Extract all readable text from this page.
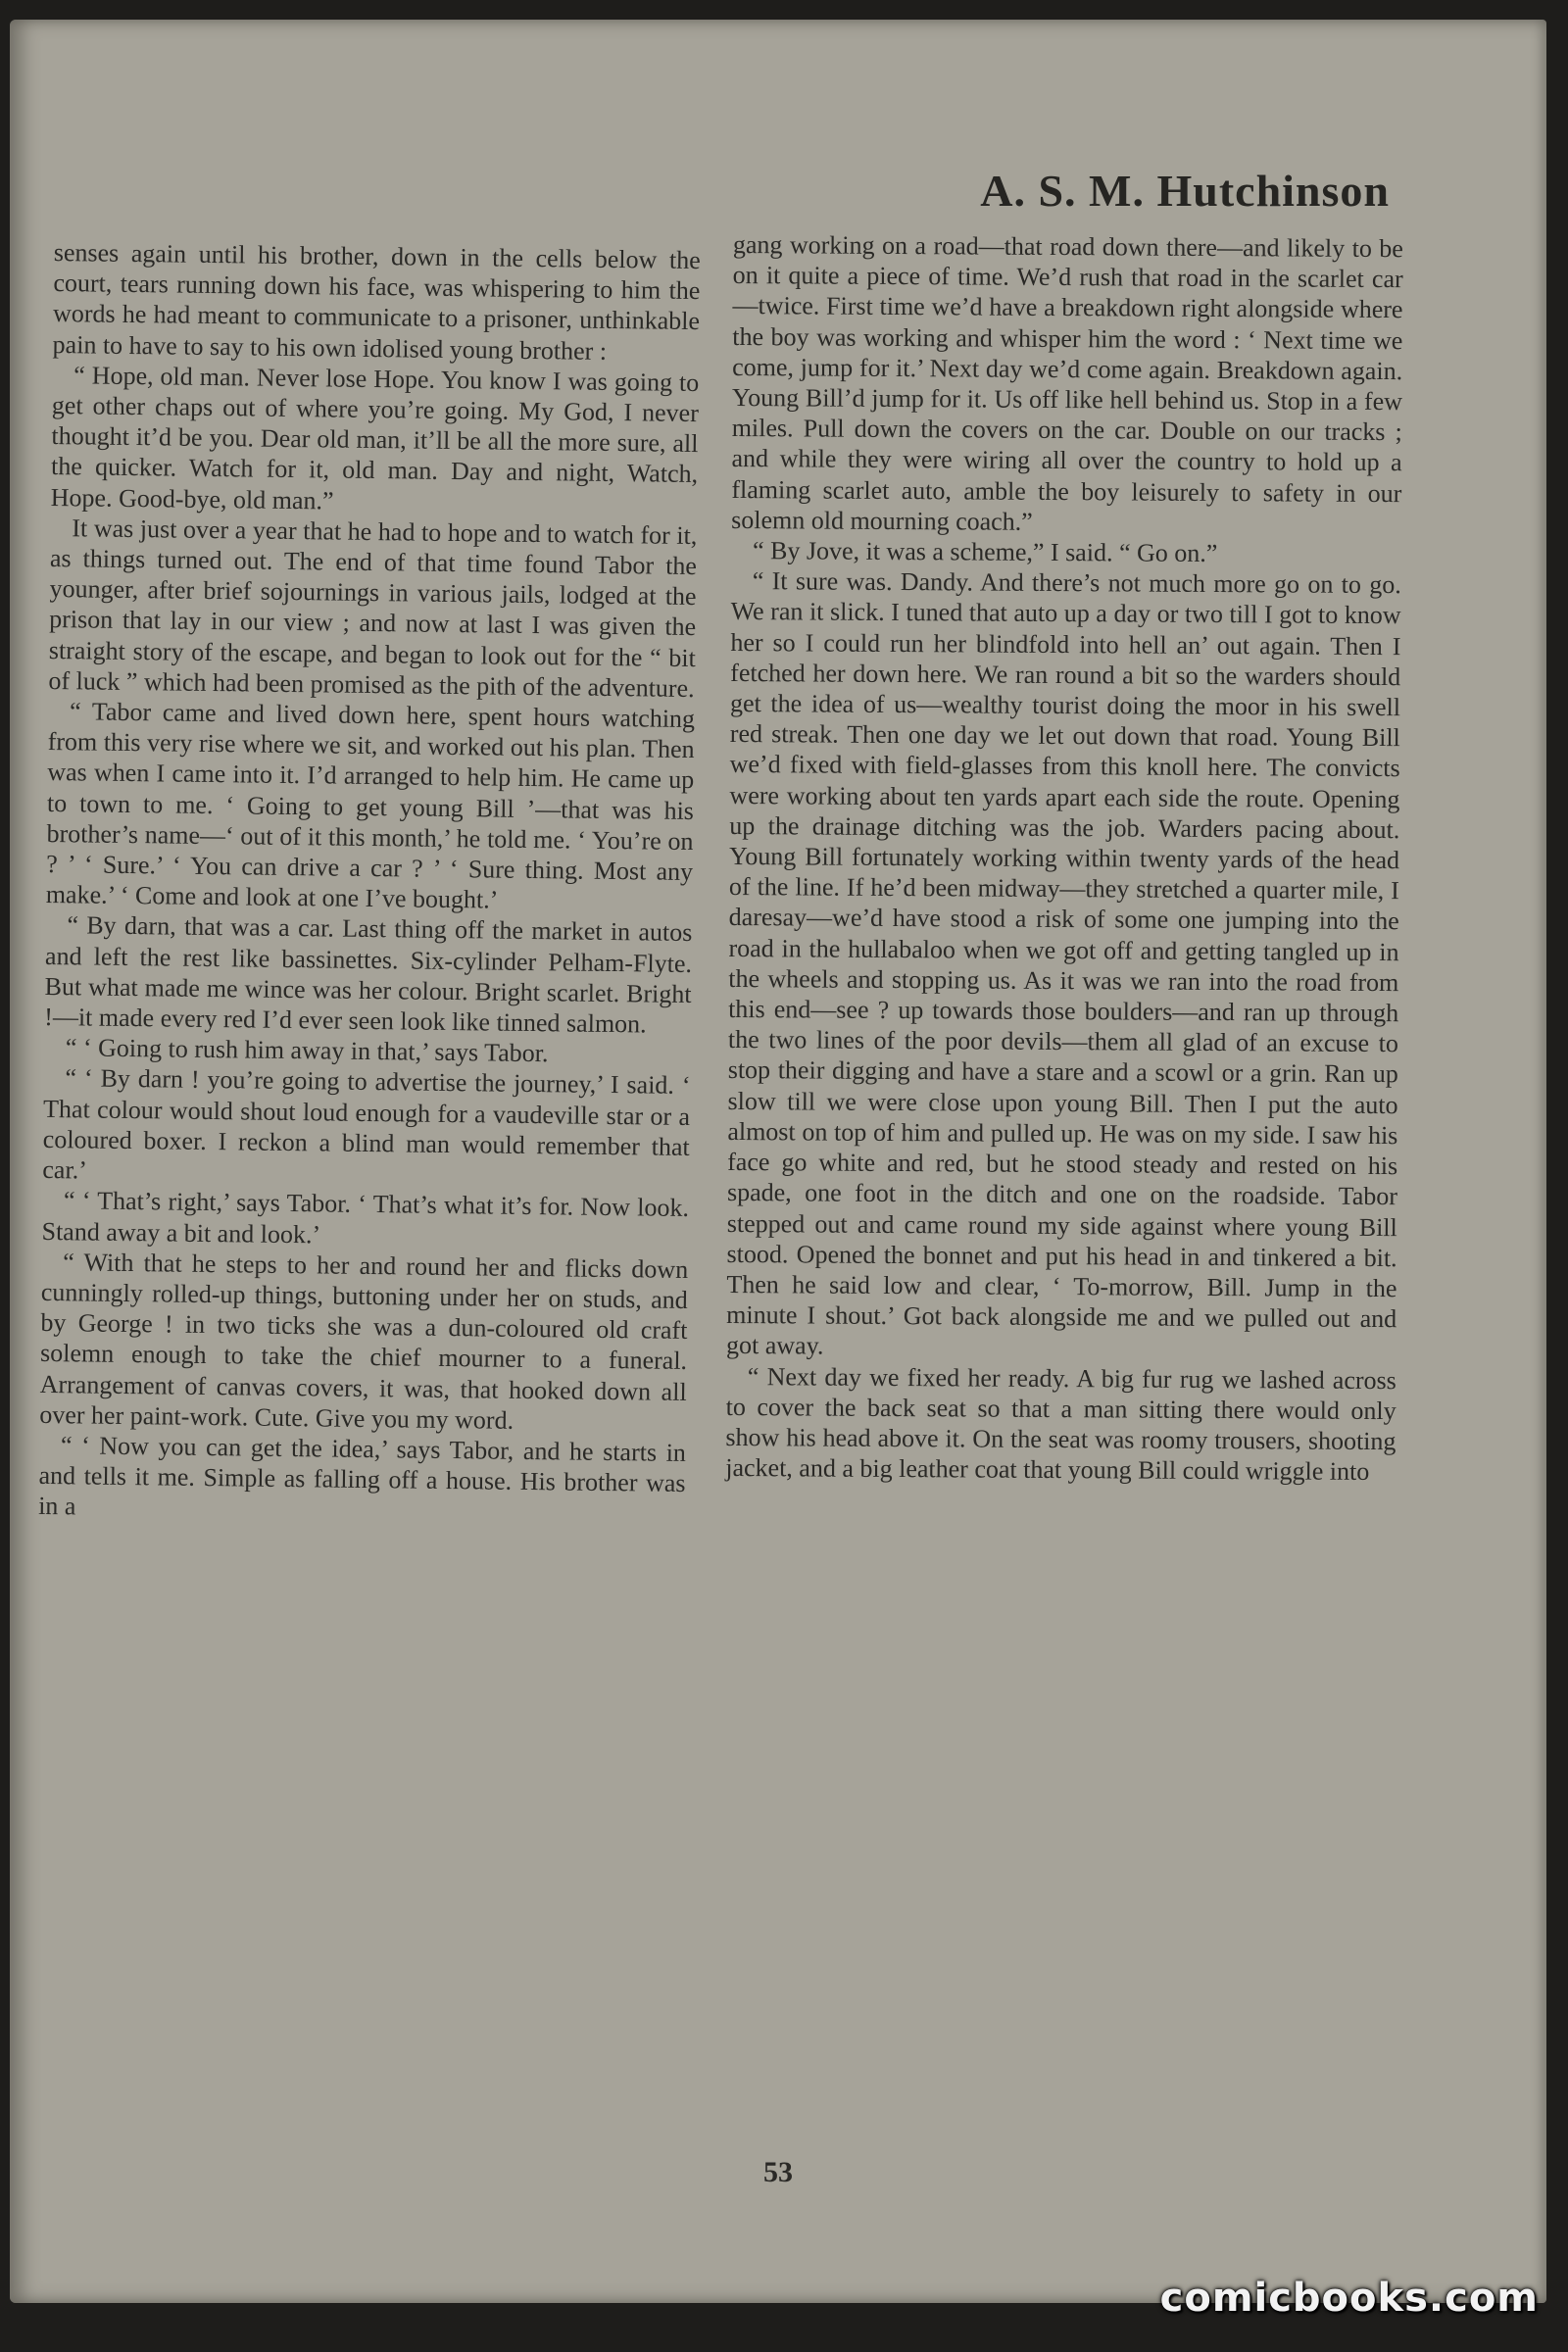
A. S. M. Hutchinson

senses again until his brother, down in the cells below the court, tears running down his face, was whispering to him the words he had meant to communicate to a prisoner, unthinkable pain to have to say to his own idolised young brother :

“ Hope, old man. Never lose Hope. You know I was going to get other chaps out of where you’re going. My God, I never thought it’d be you. Dear old man, it’ll be all the more sure, all the quicker. Watch for it, old man. Day and night, Watch, Hope. Good-bye, old man.”

It was just over a year that he had to hope and to watch for it, as things turned out. The end of that time found Tabor the younger, after brief sojournings in various jails, lodged at the prison that lay in our view ; and now at last I was given the straight story of the escape, and began to look out for the “ bit of luck ” which had been promised as the pith of the adventure.

“ Tabor came and lived down here, spent hours watching from this very rise where we sit, and worked out his plan. Then was when I came into it. I’d arranged to help him. He came up to town to me. ‘ Going to get young Bill ’—that was his brother’s name—‘ out of it this month,’ he told me. ‘ You’re on ? ’ ‘ Sure.’ ‘ You can drive a car ? ’ ‘ Sure thing. Most any make.’ ‘ Come and look at one I’ve bought.’

“ By darn, that was a car. Last thing off the market in autos and left the rest like bassinettes. Six-cylinder Pelham-Flyte. But what made me wince was her colour. Bright scarlet. Bright !—it made every red I’d ever seen look like tinned salmon.

“ ‘ Going to rush him away in that,’ says Tabor.

“ ‘ By darn ! you’re going to advertise the journey,’ I said. ‘ That colour would shout loud enough for a vaudeville star or a coloured boxer. I reckon a blind man would remember that car.’

“ ‘ That’s right,’ says Tabor. ‘ That’s what it’s for. Now look. Stand away a bit and look.’

“ With that he steps to her and round her and flicks down cunningly rolled-up things, buttoning under her on studs, and by George ! in two ticks she was a dun-coloured old craft solemn enough to take the chief mourner to a funeral. Arrangement of canvas covers, it was, that hooked down all over her paint-work. Cute. Give you my word.

“ ‘ Now you can get the idea,’ says Tabor, and he starts in and tells it me. Simple as falling off a house. His brother was in a

gang working on a road—that road down there—and likely to be on it quite a piece of time. We’d rush that road in the scarlet car—twice. First time we’d have a breakdown right alongside where the boy was working and whisper him the word : ‘ Next time we come, jump for it.’ Next day we’d come again. Breakdown again. Young Bill’d jump for it. Us off like hell behind us. Stop in a few miles. Pull down the covers on the car. Double on our tracks ; and while they were wiring all over the country to hold up a flaming scarlet auto, amble the boy leisurely to safety in our solemn old mourning coach.”

“ By Jove, it was a scheme,” I said. “ Go on.”

“ It sure was. Dandy. And there’s not much more go on to go. We ran it slick. I tuned that auto up a day or two till I got to know her so I could run her blindfold into hell an’ out again. Then I fetched her down here. We ran round a bit so the warders should get the idea of us—wealthy tourist doing the moor in his swell red streak. Then one day we let out down that road. Young Bill we’d fixed with field-glasses from this knoll here. The convicts were working about ten yards apart each side the route. Opening up the drainage ditching was the job. Warders pacing about. Young Bill fortunately working within twenty yards of the head of the line. If he’d been midway—they stretched a quarter mile, I daresay—we’d have stood a risk of some one jumping into the road in the hullabaloo when we got off and getting tangled up in the wheels and stopping us. As it was we ran into the road from this end—see ? up towards those boulders—and ran up through the two lines of the poor devils—them all glad of an excuse to stop their digging and have a stare and a scowl or a grin. Ran up slow till we were close upon young Bill. Then I put the auto almost on top of him and pulled up. He was on my side. I saw his face go white and red, but he stood steady and rested on his spade, one foot in the ditch and one on the roadside. Tabor stepped out and came round my side against where young Bill stood. Opened the bonnet and put his head in and tinkered a bit. Then he said low and clear, ‘ To-morrow, Bill. Jump in the minute I shout.’ Got back alongside me and we pulled out and got away.

“ Next day we fixed her ready. A big fur rug we lashed across to cover the back seat so that a man sitting there would only show his head above it. On the seat was roomy trousers, shooting jacket, and a big leather coat that young Bill could wriggle into

53
comicbooks.com
